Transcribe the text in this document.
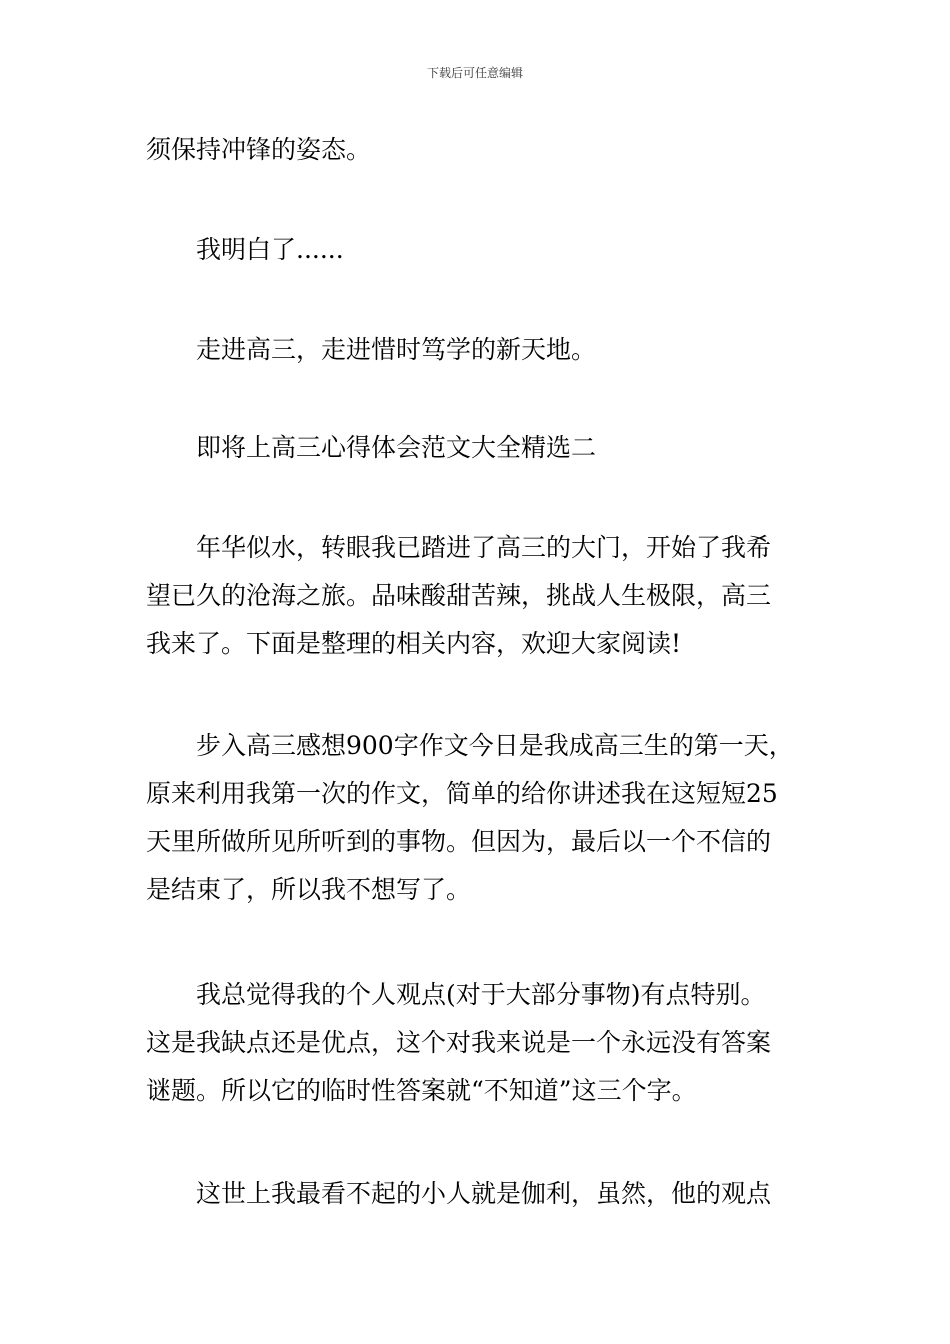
下载后可任意编辑

须保持冲锋的姿态。

我明白了......

走进高三，走进惜时笃学的新天地。

即将上高三心得体会范文大全精选二

年华似水，转眼我已踏进了高三的大门，开始了我希
望已久的沧海之旅。品味酸甜苦辣，挑战人生极限，高三
我来了。下面是整理的相关内容，欢迎大家阅读!

步入高三感想900字作文今日是我成高三生的第一天，
原来利用我第一次的作文，简单的给你讲述我在这短短25
天里所做所见所听到的事物。但因为，最后以一个不信的
是结束了，所以我不想写了。

我总觉得我的个人观点(对于大部分事物)有点特别。
这是我缺点还是优点，这个对我来说是一个永远没有答案
谜题。所以它的临时性答案就“不知道”这三个字。

这世上我最看不起的小人就是伽利，虽然，他的观点
